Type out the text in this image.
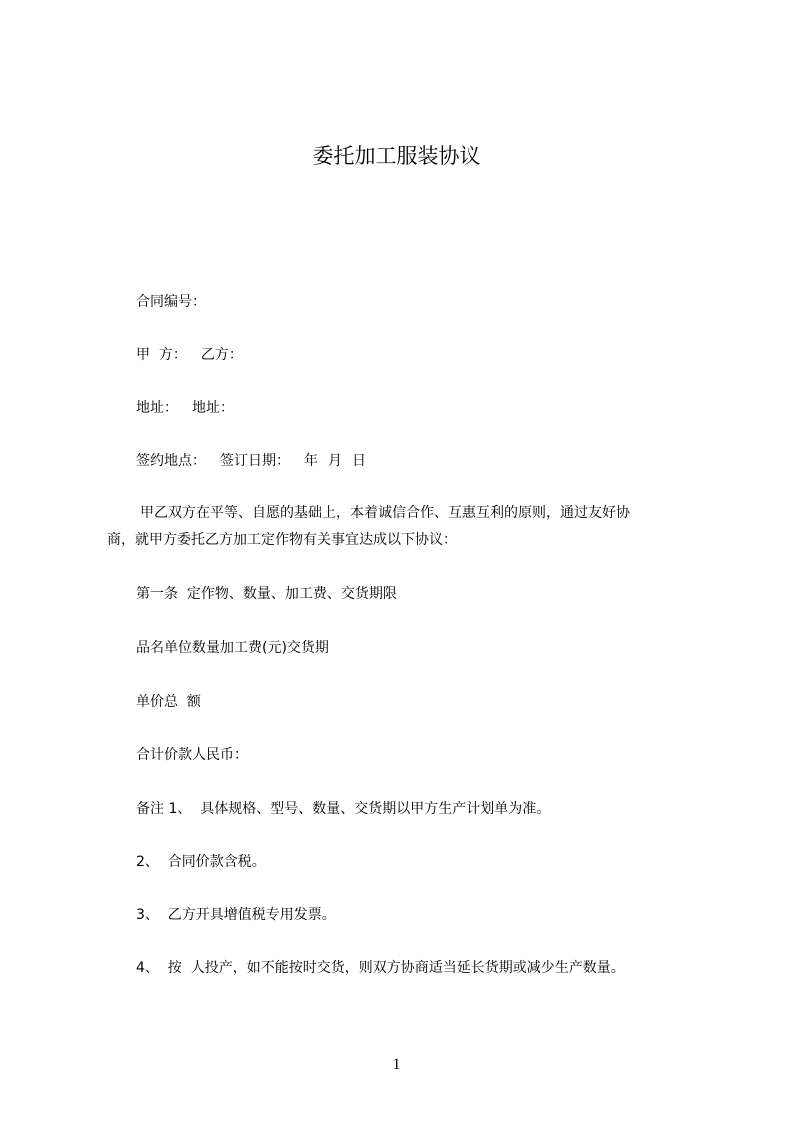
委托加工服装协议
合同编号：
甲  方： 乙方：
地址： 地址：
签约地点： 签订日期： 年 月 日
甲乙双方在平等、自愿的基础上，本着诚信合作、互惠互利的原则，通过友好协
商，就甲方委托乙方加工定作物有关事宜达成以下协议：
第一条  定作物、数量、加工费、交货期限
品名单位数量加工费(元)交货期
单价总  额
合计价款人民币：
备注 1、  具体规格、型号、数量、交货期以甲方生产计划单为准。
2、  合同价款含税。
3、  乙方开具增值税专用发票。
4、  按  人投产，如不能按时交货，则双方协商适当延长货期或减少生产数量。
1
